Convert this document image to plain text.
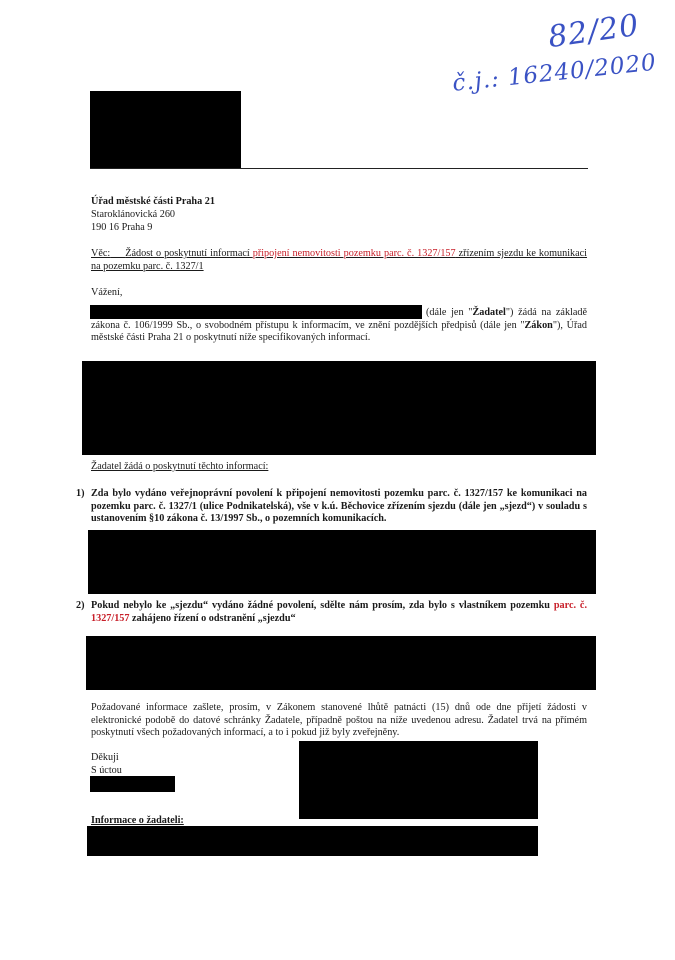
82/20
č.j.: 16240/2020
Úřad městské části Praha 21
Staroklánovická 260
190 16 Praha 9
Věc: Žádost o poskytnutí informací připojení nemovitosti pozemku parc. č. 1327/157 zřízením sjezdu ke komunikaci na pozemku parc. č. 1327/1
Vážení,
(dále jen "Žadatel") žádá na základě zákona č. 106/1999 Sb., o svobodném přístupu k informacím, ve znění pozdějších předpisů (dále jen "Zákon"), Úřad městské části Praha 21 o poskytnutí níže specifikovaných informací.
Žadatel žádá o poskytnutí těchto informací:
1) Zda bylo vydáno veřejnoprávní povolení k připojení nemovitosti pozemku parc. č. 1327/157 ke komunikaci na pozemku parc. č. 1327/1 (ulice Podnikatelská), vše v k.ú. Běchovice zřízením sjezdu (dále jen „sjezd“) v souladu s ustanovením §10 zákona č. 13/1997 Sb., o pozemních komunikacích.
2) Pokud nebylo ke „sjezdu“ vydáno žádné povolení, sdělte nám prosím, zda bylo s vlastníkem pozemku parc. č. 1327/157 zahájeno řízení o odstranění „sjezdu“
Požadované informace zašlete, prosím, v Zákonem stanovené lhůtě patnácti (15) dnů ode dne přijetí žádosti v elektronické podobě do datové schránky Žadatele, případně poštou na níže uvedenou adresu. Žadatel trvá na přímém poskytnutí všech požadovaných informací, a to i pokud již byly zveřejněny.
Děkuji
S úctou
Informace o žadateli:
